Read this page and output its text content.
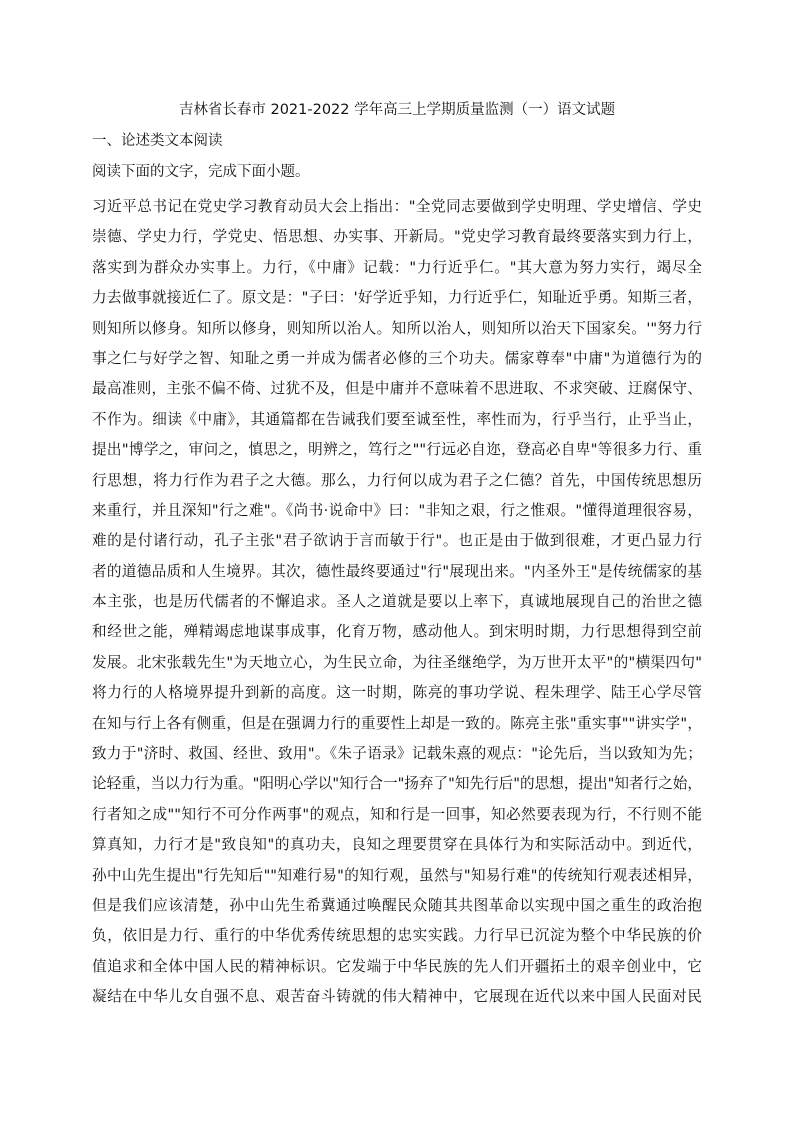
吉林省长春市 2021-2022 学年高三上学期质量监测（一）语文试题
一、论述类文本阅读
阅读下面的文字，完成下面小题。
习近平总书记在党史学习教育动员大会上指出："全党同志要做到学史明理、学史增信、学史
崇德、学史力行，学党史、悟思想、办实事、开新局。"党史学习教育最终要落实到力行上，
落实到为群众办实事上。力行，《中庸》记载："力行近乎仁。"其大意为努力实行，竭尽全
力去做事就接近仁了。原文是："子曰：'好学近乎知，力行近乎仁，知耻近乎勇。知斯三者，
则知所以修身。知所以修身，则知所以治人。知所以治人，则知所以治天下国家矣。'"努力行
事之仁与好学之智、知耻之勇一并成为儒者必修的三个功夫。儒家尊奉"中庸"为道德行为的
最高准则，主张不偏不倚、过犹不及，但是中庸并不意味着不思进取、不求突破、迂腐保守、
不作为。细读《中庸》，其通篇都在告诫我们要至诚至性，率性而为，行乎当行，止乎当止，
提出"博学之，审问之，慎思之，明辨之，笃行之""行远必自迩，登高必自卑"等很多力行、重
行思想，将力行作为君子之大德。那么，力行何以成为君子之仁德？首先，中国传统思想历
来重行，并且深知"行之难"。《尚书·说命中》曰："非知之艰，行之惟艰。"懂得道理很容易，
难的是付诸行动，孔子主张"君子欲讷于言而敏于行"。也正是由于做到很难，才更凸显力行
者的道德品质和人生境界。其次，德性最终要通过"行"展现出来。"内圣外王"是传统儒家的基
本主张，也是历代儒者的不懈追求。圣人之道就是要以上率下，真诚地展现自己的治世之德
和经世之能，殚精竭虑地谋事成事，化育万物，感动他人。到宋明时期，力行思想得到空前
发展。北宋张载先生"为天地立心，为生民立命，为往圣继绝学，为万世开太平"的"横渠四句"
将力行的人格境界提升到新的高度。这一时期，陈亮的事功学说、程朱理学、陆王心学尽管
在知与行上各有侧重，但是在强调力行的重要性上却是一致的。陈亮主张"重实事""讲实学"，
致力于"济时、救国、经世、致用"。《朱子语录》记载朱熹的观点："论先后，当以致知为先；
论轻重，当以力行为重。"阳明心学以"知行合一"扬弃了"知先行后"的思想，提出"知者行之始，
行者知之成""知行不可分作两事"的观点，知和行是一回事，知必然要表现为行，不行则不能
算真知，力行才是"致良知"的真功夫，良知之理要贯穿在具体行为和实际活动中。到近代，
孙中山先生提出"行先知后""知难行易"的知行观，虽然与"知易行难"的传统知行观表述相异，
但是我们应该清楚，孙中山先生希冀通过唤醒民众随其共图革命以实现中国之重生的政治抱
负，依旧是力行、重行的中华优秀传统思想的忠实实践。力行早已沉淀为整个中华民族的价
值追求和全体中国人民的精神标识。它发端于中华民族的先人们开疆拓土的艰辛创业中，它
凝结在中华儿女自强不息、艰苦奋斗铸就的伟大精神中，它展现在近代以来中国人民面对民
